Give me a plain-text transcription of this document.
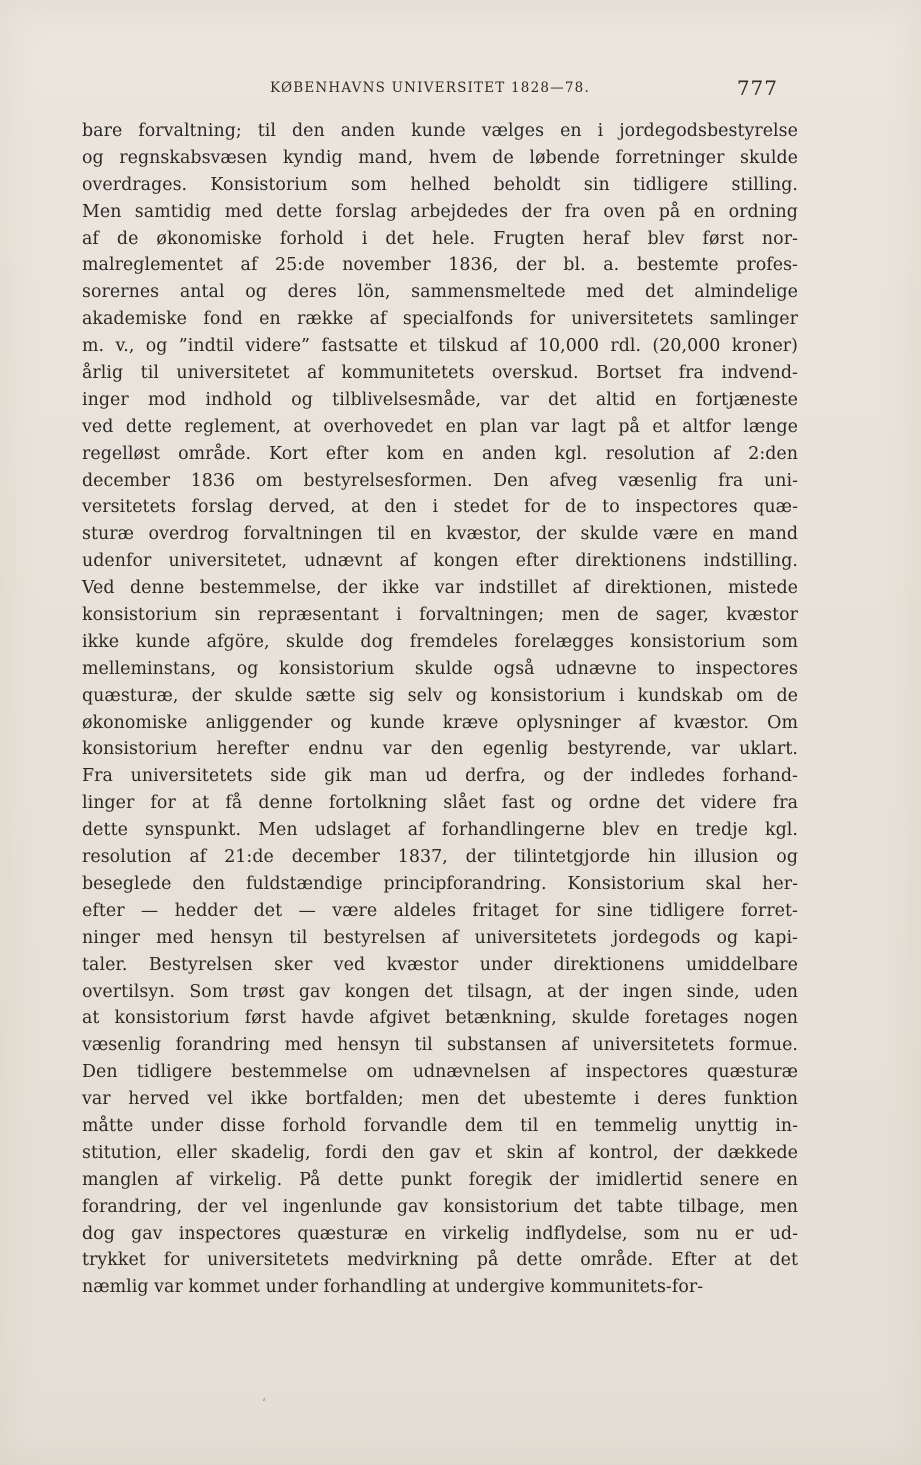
KØBENHAVNS UNIVERSITET 1828—78.	777
bare forvaltning; til den anden kunde vælges en i jordegodsbestyrelse
og regnskabsvæsen kyndig mand, hvem de løbende forretninger skulde
overdrages. Konsistorium som helhed beholdt sin tidligere stilling.
Men samtidig med dette forslag arbejdedes der fra oven på en ordning
af de økonomiske forhold i det hele. Frugten heraf blev først nor-
malreglementet af 25:de november 1836, der bl. a. bestemte profes-
sorernes antal og deres lön, sammensmeltede med det almindelige
akademiske fond en række af specialfonds for universitetets samlinger
m. v., og ”indtil videre” fastsatte et tilskud af 10,000 rdl. (20,000 kroner)
årlig til universitetet af kommunitetets overskud. Bortset fra indvend-
inger mod indhold og tilblivelsesmåde, var det altid en fortjæneste
ved dette reglement, at overhovedet en plan var lagt på et altfor længe
regelløst område. Kort efter kom en anden kgl. resolution af 2:den
december 1836 om bestyrelsesformen. Den afveg væsenlig fra uni-
versitetets forslag derved, at den i stedet for de to inspectores quæ-
sturæ overdrog forvaltningen til en kvæstor, der skulde være en mand
udenfor universitetet, udnævnt af kongen efter direktionens indstilling.
Ved denne bestemmelse, der ikke var indstillet af direktionen, mistede
konsistorium sin repræsentant i forvaltningen; men de sager, kvæstor
ikke kunde afgöre, skulde dog fremdeles forelægges konsistorium som
melleminstans, og konsistorium skulde også udnævne to inspectores
quæsturæ, der skulde sætte sig selv og konsistorium i kundskab om de
økonomiske anliggender og kunde kræve oplysninger af kvæstor. Om
konsistorium herefter endnu var den egenlig bestyrende, var uklart.
Fra universitetets side gik man ud derfra, og der indledes forhand-
linger for at få denne fortolkning slået fast og ordne det videre fra
dette synspunkt. Men udslaget af forhandlingerne blev en tredje kgl.
resolution af 21:de december 1837, der tilintetgjorde hin illusion og
beseglede den fuldstændige principforandring. Konsistorium skal her-
efter — hedder det — være aldeles fritaget for sine tidligere forret-
ninger med hensyn til bestyrelsen af universitetets jordegods og kapi-
taler. Bestyrelsen sker ved kvæstor under direktionens umiddelbare
overtilsyn. Som trøst gav kongen det tilsagn, at der ingen sinde, uden
at konsistorium først havde afgivet betænkning, skulde foretages nogen
væsenlig forandring med hensyn til substansen af universitetets formue.
Den tidligere bestemmelse om udnævnelsen af inspectores quæsturæ
var herved vel ikke bortfalden; men det ubestemte i deres funktion
måtte under disse forhold forvandle dem til en temmelig unyttig in-
stitution, eller skadelig, fordi den gav et skin af kontrol, der dækkede
manglen af virkelig. På dette punkt foregik der imidlertid senere en
forandring, der vel ingenlunde gav konsistorium det tabte tilbage, men
dog gav inspectores quæsturæ en virkelig indflydelse, som nu er ud-
trykket for universitetets medvirkning på dette område. Efter at det
næmlig var kommet under forhandling at undergive kommunitets-for-
‘
